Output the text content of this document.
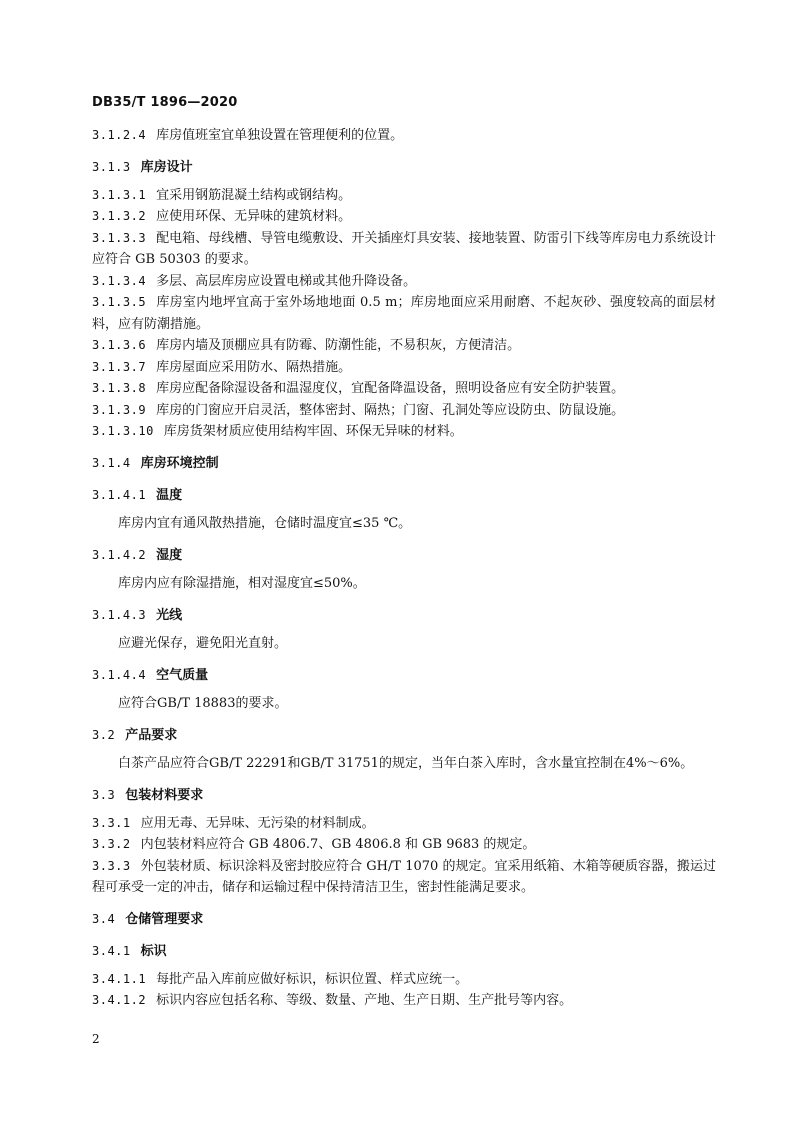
DB35/T 1896—2020
3.1.2.4 库房值班室宜单独设置在管理便利的位置。
3.1.3 库房设计
3.1.3.1 宜采用钢筋混凝土结构或钢结构。
3.1.3.2 应使用环保、无异味的建筑材料。
3.1.3.3 配电箱、母线槽、导管电缆敷设、开关插座灯具安装、接地装置、防雷引下线等库房电力系统设计应符合 GB 50303 的要求。
3.1.3.4 多层、高层库房应设置电梯或其他升降设备。
3.1.3.5 库房室内地坪宜高于室外场地地面 0.5 m；库房地面应采用耐磨、不起灰砂、强度较高的面层材料，应有防潮措施。
3.1.3.6 库房内墙及顶棚应具有防霉、防潮性能，不易积灰，方便清洁。
3.1.3.7 库房屋面应采用防水、隔热措施。
3.1.3.8 库房应配备除湿设备和温湿度仪，宜配备降温设备，照明设备应有安全防护装置。
3.1.3.9 库房的门窗应开启灵活，整体密封、隔热；门窗、孔洞处等应设防虫、防鼠设施。
3.1.3.10 库房货架材质应使用结构牢固、环保无异味的材料。
3.1.4 库房环境控制
3.1.4.1 温度
库房内宜有通风散热措施，仓储时温度宜≤35 ℃。
3.1.4.2 湿度
库房内应有除湿措施，相对湿度宜≤50%。
3.1.4.3 光线
应避光保存，避免阳光直射。
3.1.4.4 空气质量
应符合GB/T 18883的要求。
3.2 产品要求
白茶产品应符合GB/T 22291和GB/T 31751的规定，当年白茶入库时，含水量宜控制在4%～6%。
3.3 包装材料要求
3.3.1 应用无毒、无异味、无污染的材料制成。
3.3.2 内包装材料应符合 GB 4806.7、GB 4806.8 和 GB 9683 的规定。
3.3.3 外包装材质、标识涂料及密封胶应符合 GH/T 1070 的规定。宜采用纸箱、木箱等硬质容器，搬运过程可承受一定的冲击，储存和运输过程中保持清洁卫生，密封性能满足要求。
3.4 仓储管理要求
3.4.1 标识
3.4.1.1 每批产品入库前应做好标识，标识位置、样式应统一。
3.4.1.2 标识内容应包括名称、等级、数量、产地、生产日期、生产批号等内容。
2
